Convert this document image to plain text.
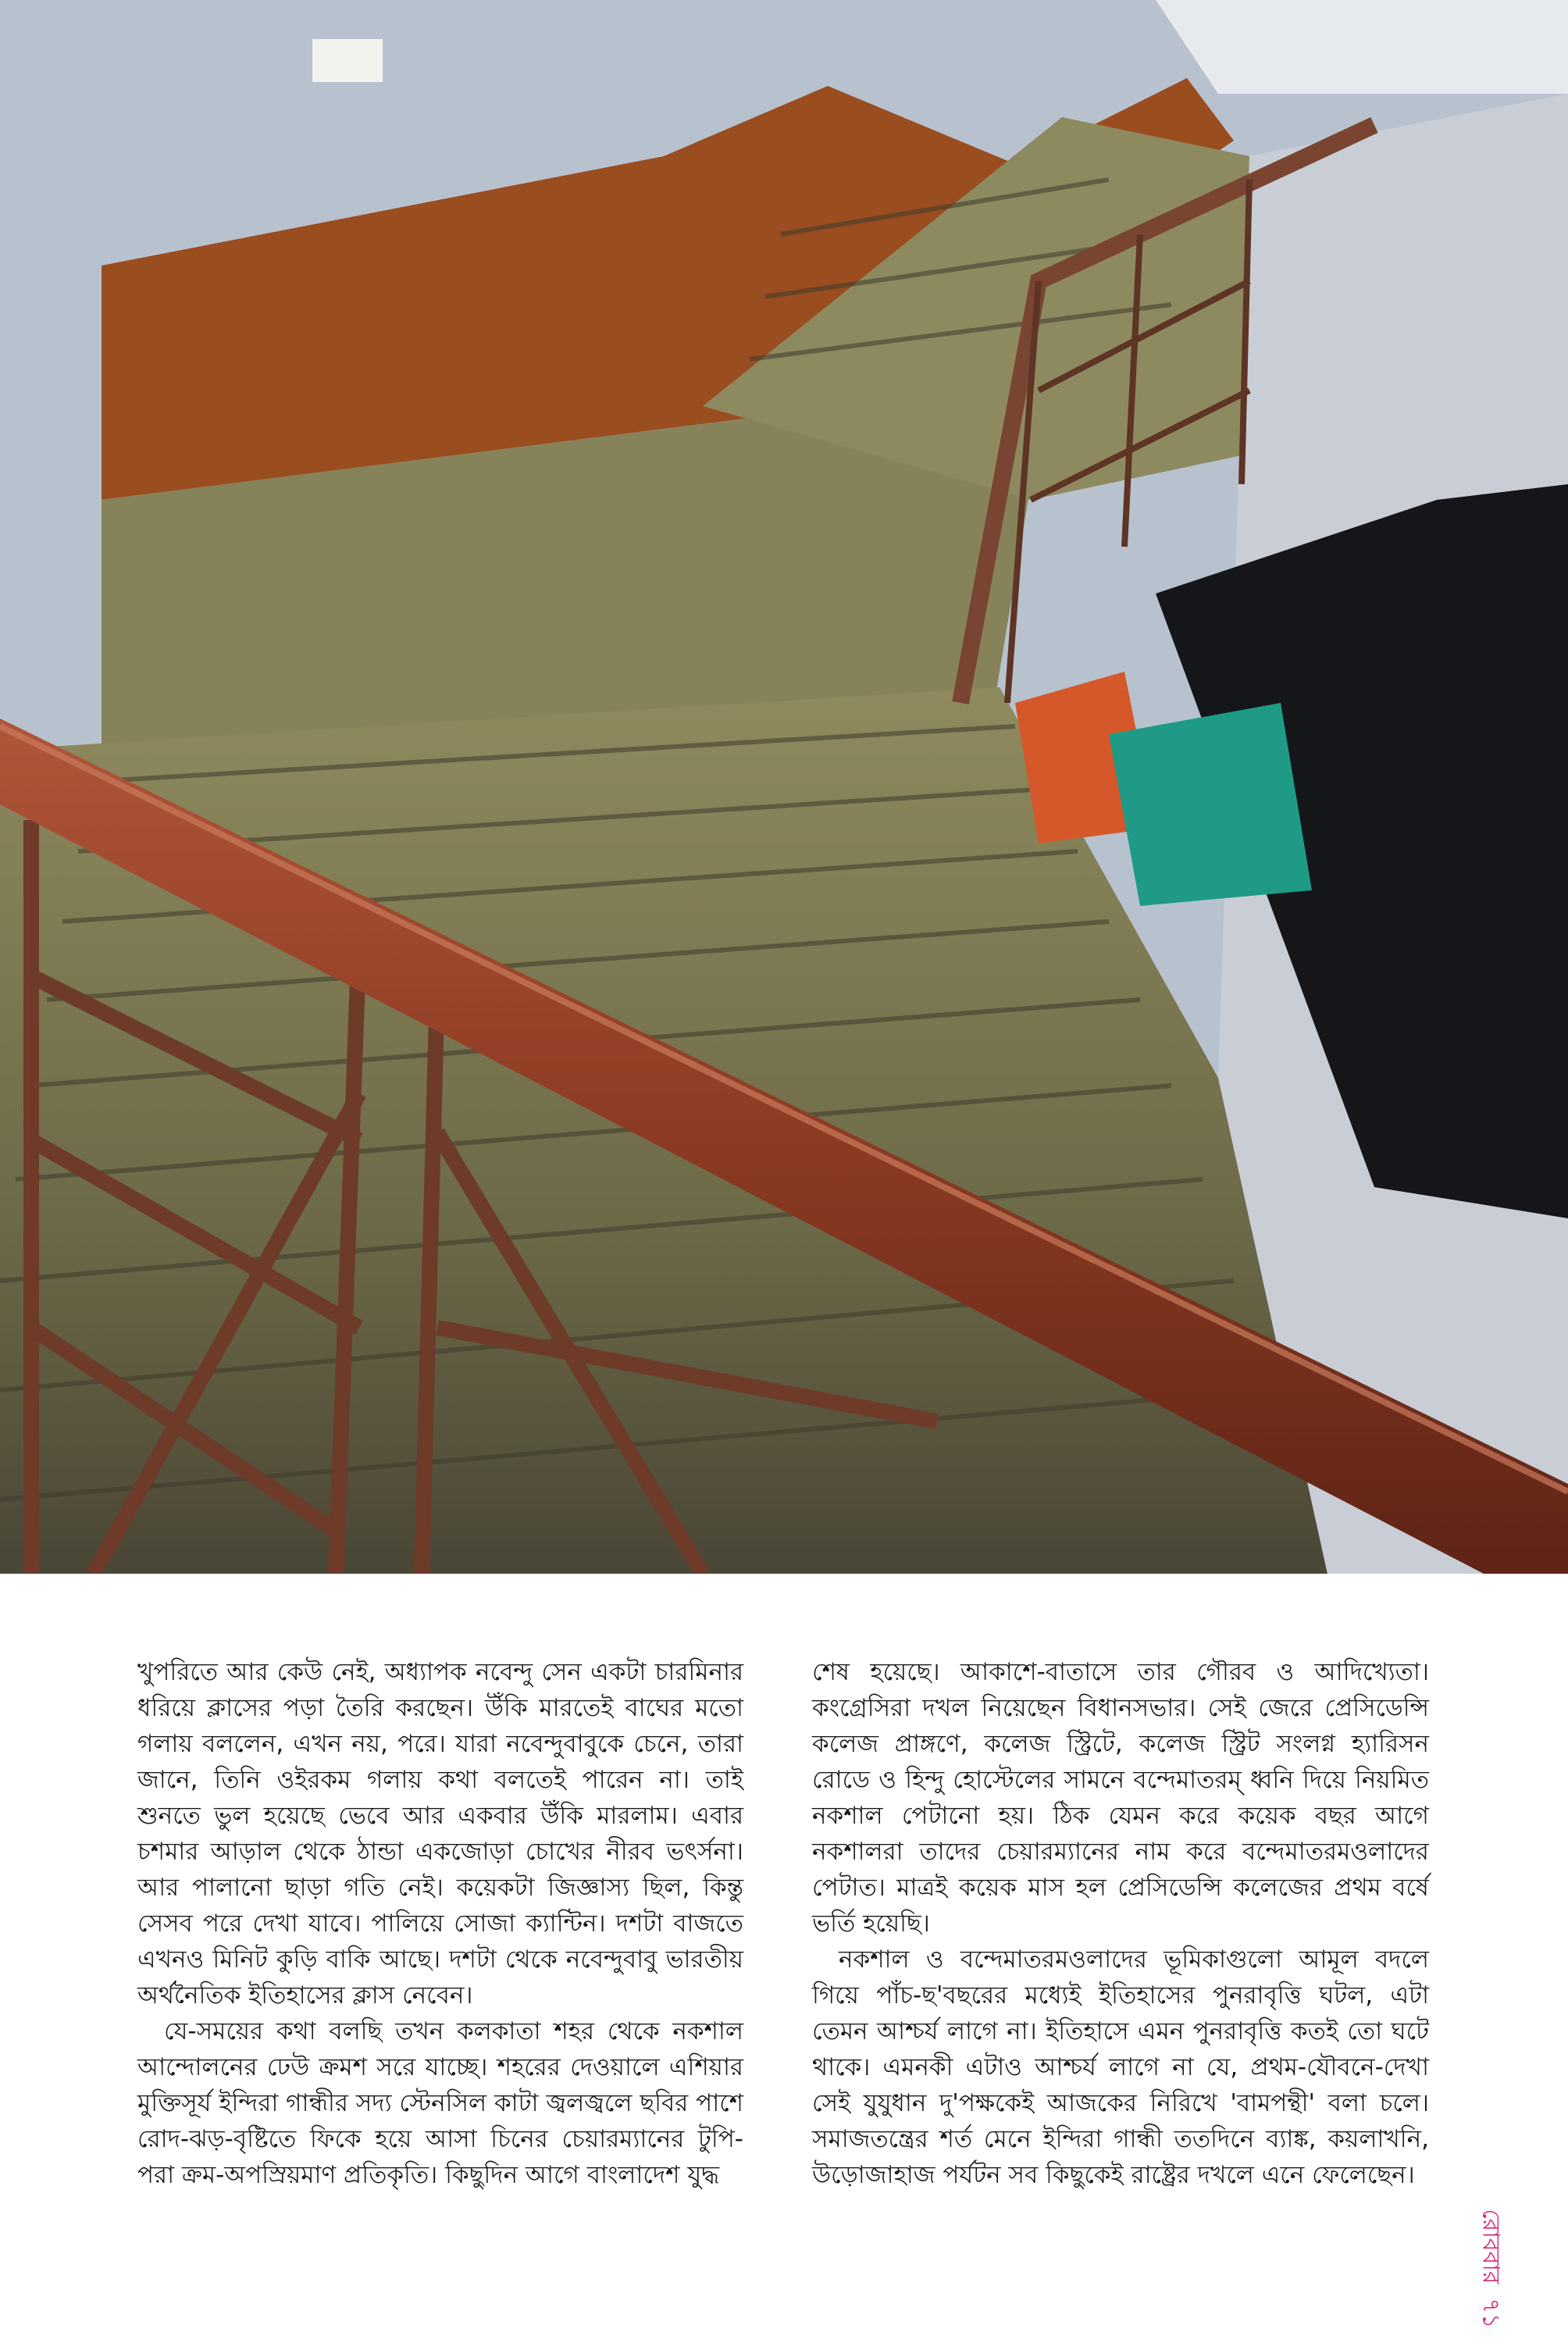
খুপরিতে আর কেউ নেই, অধ্যাপক নবেন্দু সেন একটা চারমিনার ধরিয়ে ক্লাসের পড়া তৈরি করছেন। উঁকি মারতেই বাঘের মতো গলায় বললেন, এখন নয়, পরে। যারা নবেন্দুবাবুকে চেনে, তারা জানে, তিনি ওইরকম গলায় কথা বলতেই পারেন না। তাই শুনতে ভুল হয়েছে ভেবে আর একবার উঁকি মারলাম। এবার চশমার আড়াল থেকে ঠান্ডা একজোড়া চোখের নীরব ভৎর্সনা। আর পালানো ছাড়া গতি নেই। কয়েকটা জিজ্ঞাস্য ছিল, কিন্তু সেসব পরে দেখা যাবে। পালিয়ে সোজা ক্যান্টিন। দশটা বাজতে এখনও মিনিট কুড়ি বাকি আছে। দশটা থেকে নবেন্দুবাবু ভারতীয় অর্থনৈতিক ইতিহাসের ক্লাস নেবেন।

যে-সময়ের কথা বলছি তখন কলকাতা শহর থেকে নকশাল আন্দোলনের ঢেউ ক্রমশ সরে যাচ্ছে। শহরের দেওয়ালে এশিয়ার মুক্তিসূর্য ইন্দিরা গান্ধীর সদ্য স্টেনসিল কাটা জ্বলজ্বলে ছবির পাশে রোদ-ঝড়-বৃষ্টিতে ফিকে হয়ে আসা চিনের চেয়ারম্যানের টুপি-পরা ক্রম-অপস্রিয়মাণ প্রতিকৃতি। কিছুদিন আগে বাংলাদেশ যুদ্ধ

শেষ হয়েছে। আকাশে-বাতাসে তার গৌরব ও আদিখ্যেতা। কংগ্রেসিরা দখল নিয়েছেন বিধানসভার। সেই জেরে প্রেসিডেন্সি কলেজ প্রাঙ্গণে, কলেজ স্ট্রিটে, কলেজ স্ট্রিট সংলগ্ন হ্যারিসন রোডে ও হিন্দু হোস্টেলের সামনে বন্দেমাতরম্ ধ্বনি দিয়ে নিয়মিত নকশাল পেটানো হয়। ঠিক যেমন করে কয়েক বছর আগে নকশালরা তাদের চেয়ারম্যানের নাম করে বন্দেমাতরমওলাদের পেটাত। মাত্রই কয়েক মাস হল প্রেসিডেন্সি কলেজের প্রথম বর্ষে ভর্তি হয়েছি।

নকশাল ও বন্দেমাতরমওলাদের ভূমিকাগুলো আমূল বদলে গিয়ে পাঁচ-ছ'বছরের মধ্যেই ইতিহাসের পুনরাবৃত্তি ঘটল, এটা তেমন আশ্চর্য লাগে না। ইতিহাসে এমন পুনরাবৃত্তি কতই তো ঘটে থাকে। এমনকী এটাও আশ্চর্য লাগে না যে, প্রথম-যৌবনে-দেখা সেই যুযুধান দু'পক্ষকেই আজকের নিরিখে 'বামপন্থী' বলা চলে। সমাজতন্ত্রের শর্ত মেনে ইন্দিরা গান্ধী ততদিনে ব্যাঙ্ক, কয়লাখনি, উড়োজাহাজ পর্যটন সব কিছুকেই রাষ্ট্রের দখলে এনে ফেলেছেন।

রোববার৭১
